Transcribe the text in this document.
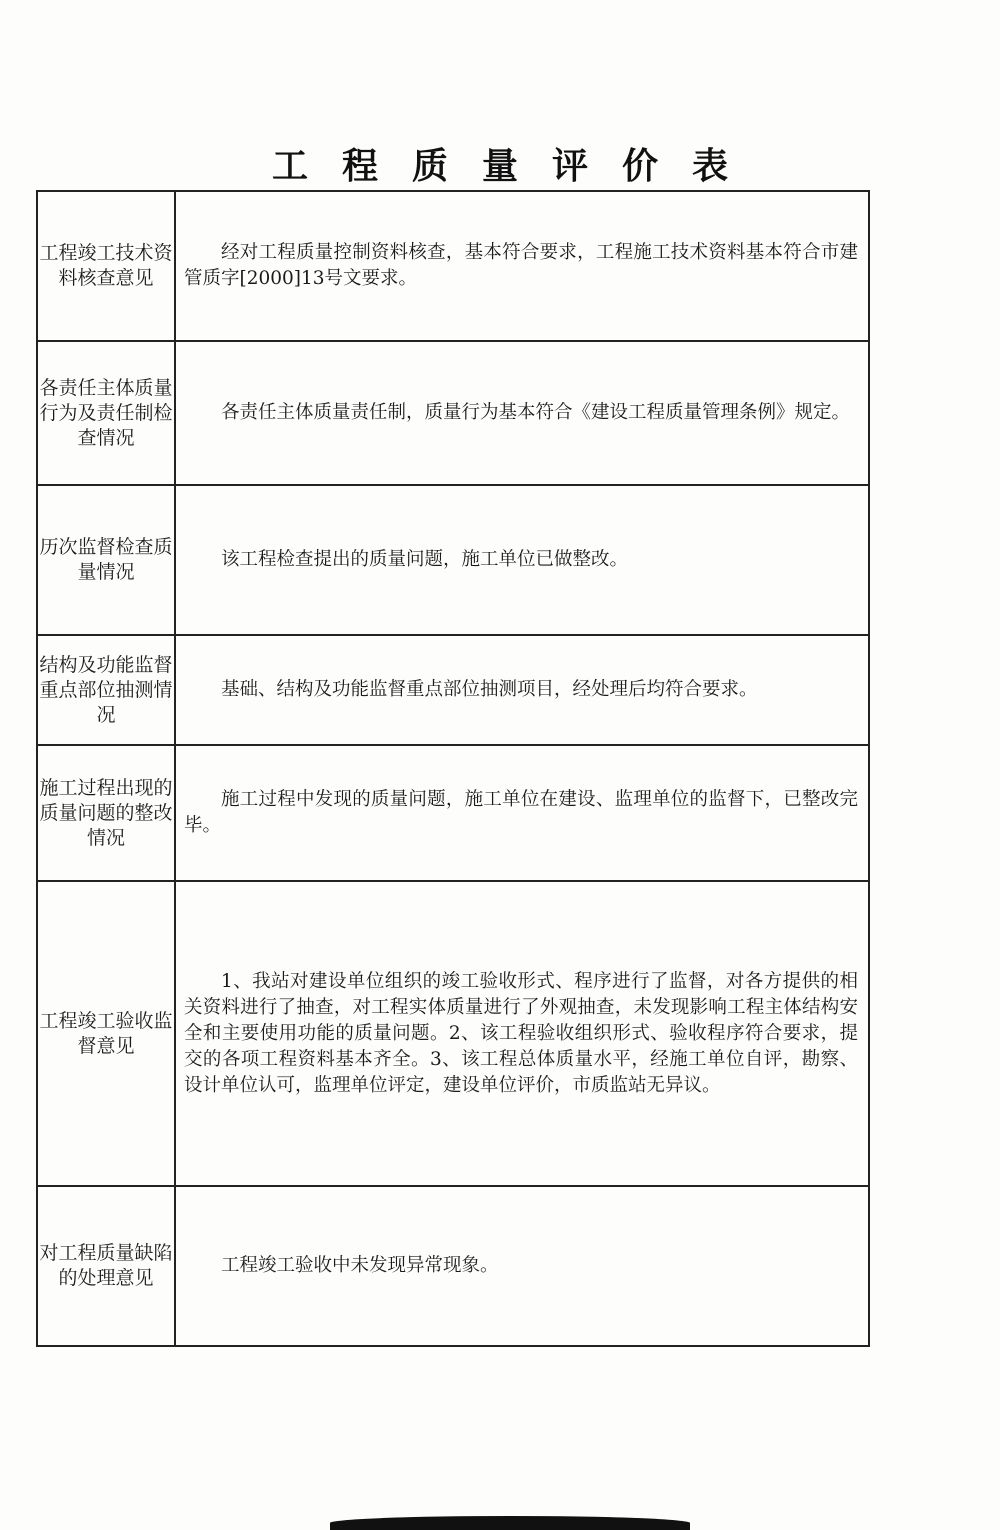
工程质量评价表
工程竣工技术资料核查意见	经对工程质量控制资料核查，基本符合要求，工程施工技术资料基本符合市建管质字[2000]13号文要求。
各责任主体质量行为及责任制检查情况	各责任主体质量责任制，质量行为基本符合《建设工程质量管理条例》规定。
历次监督检查质量情况	该工程检查提出的质量问题，施工单位已做整改。
结构及功能监督重点部位抽测情况	基础、结构及功能监督重点部位抽测项目，经处理后均符合要求。
施工过程出现的质量问题的整改情况	施工过程中发现的质量问题，施工单位在建设、监理单位的监督下，已整改完毕。
工程竣工验收监督意见	1、我站对建设单位组织的竣工验收形式、程序进行了监督，对各方提供的相关资料进行了抽查，对工程实体质量进行了外观抽查，未发现影响工程主体结构安全和主要使用功能的质量问题。2、该工程验收组织形式、验收程序符合要求，提交的各项工程资料基本齐全。3、该工程总体质量水平，经施工单位自评，勘察、设计单位认可，监理单位评定，建设单位评价，市质监站无异议。
对工程质量缺陷的处理意见	工程竣工验收中未发现异常现象。
